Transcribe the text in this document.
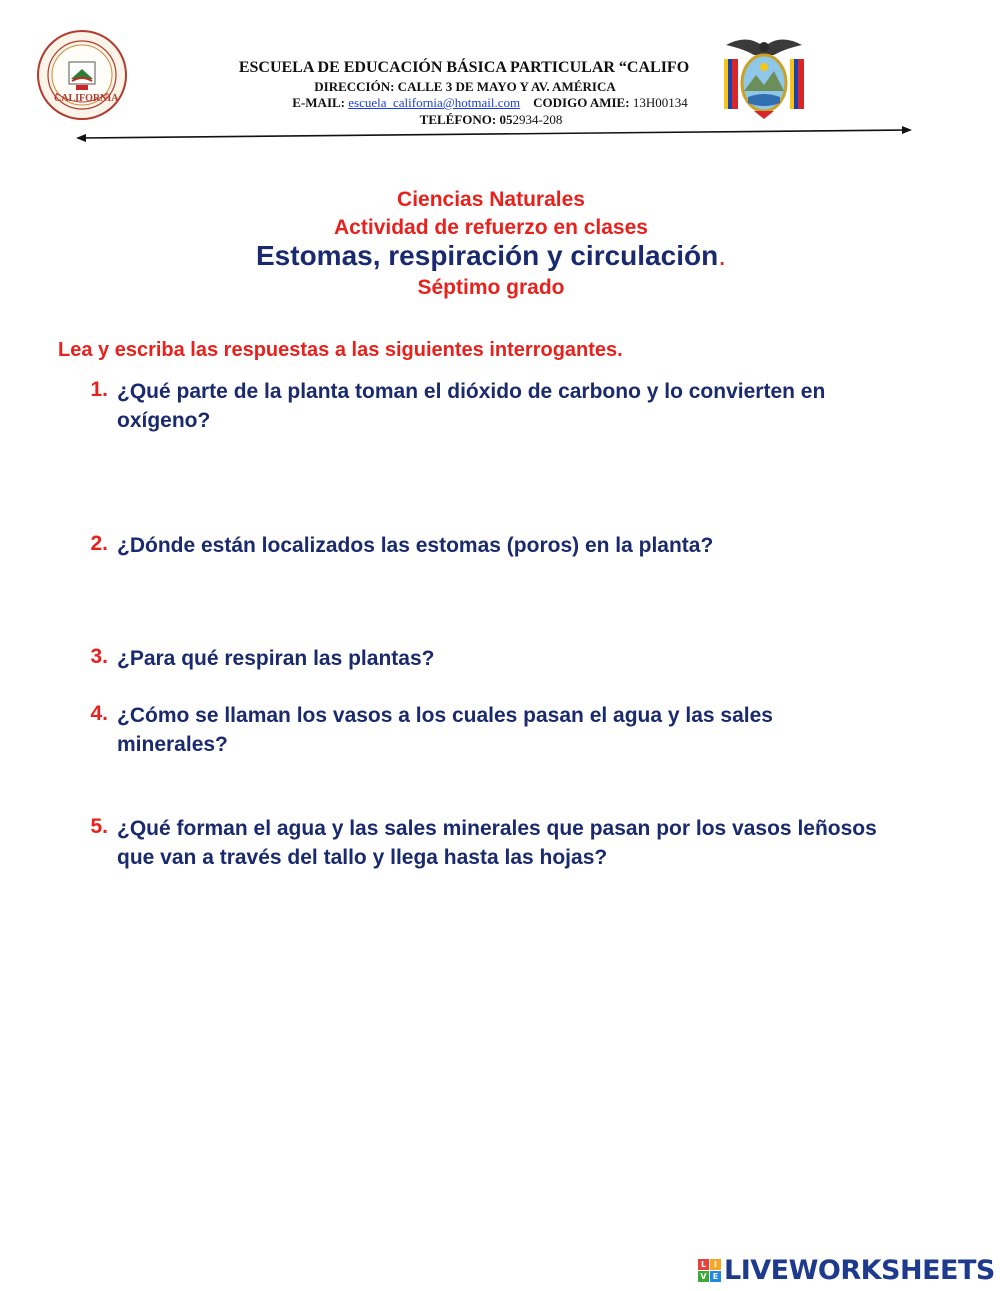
CALIFORNIA
ESCUELA DE EDUCACIÓN BÁSICA PARTICULAR “CALIFO
DIRECCIÓN: CALLE 3 DE MAYO Y AV. AMÉRICA
E-MAIL: escuela_california@hotmail.com CODIGO AMIE: 13H00134
TELÉFONO: 052934-208
Ciencias Naturales
Actividad de refuerzo en clases
Estomas, respiración y circulación.
Séptimo grado
Lea y escriba las respuestas a las siguientes interrogantes.
1. ¿Qué parte de la planta toman el dióxido de carbono y lo convierten en oxígeno?
2. ¿Dónde están localizados las estomas (poros) en la planta?
3. ¿Para qué respiran las plantas?
4. ¿Cómo se llaman los vasos a los cuales pasan el agua y las sales minerales?
5. ¿Qué forman el agua y las sales minerales que pasan por los vasos leñosos que van a través del tallo y llega hasta las hojas?
L I
V E LIVEWORKSHEETS
